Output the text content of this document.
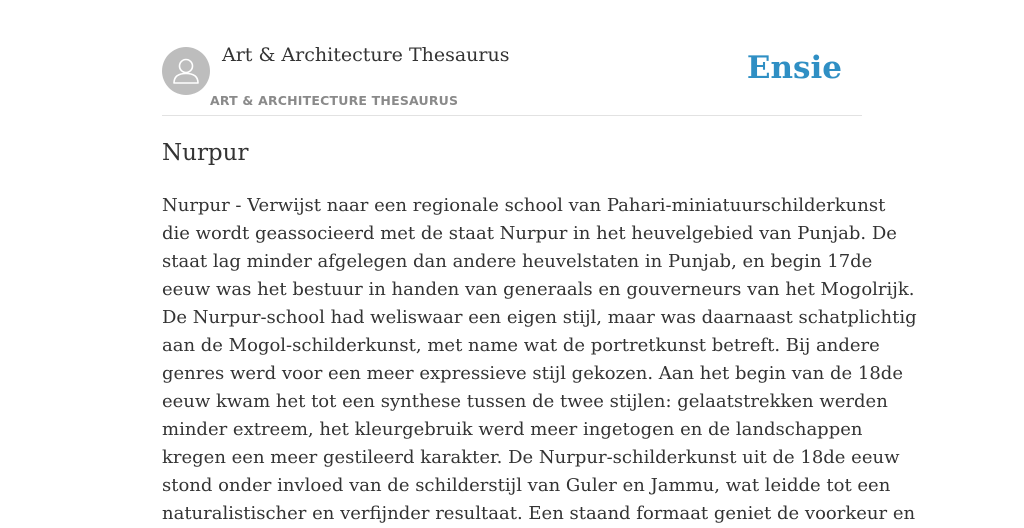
Art & Architecture Thesaurus
ART & ARCHITECTURE THESAURUS
Ensie
Nurpur

Nurpur - Verwijst naar een regionale school van Pahari-miniatuurschilderkunst
die wordt geassocieerd met de staat Nurpur in het heuvelgebied van Punjab. De
staat lag minder afgelegen dan andere heuvelstaten in Punjab, en begin 17de
eeuw was het bestuur in handen van generaals en gouverneurs van het Mogolrijk.
De Nurpur-school had weliswaar een eigen stijl, maar was daarnaast schatplichtig
aan de Mogol-schilderkunst, met name wat de portretkunst betreft. Bij andere
genres werd voor een meer expressieve stijl gekozen. Aan het begin van de 18de
eeuw kwam het tot een synthese tussen de twee stijlen: gelaatstrekken werden
minder extreem, het kleurgebruik werd meer ingetogen en de landschappen
kregen een meer gestileerd karakter. De Nurpur-schilderkunst uit de 18de eeuw
stond onder invloed van de schilderstijl van Guler en Jammu, wat leidde tot een
naturalistischer en verfijnder resultaat. Een staand formaat geniet de voorkeur en
